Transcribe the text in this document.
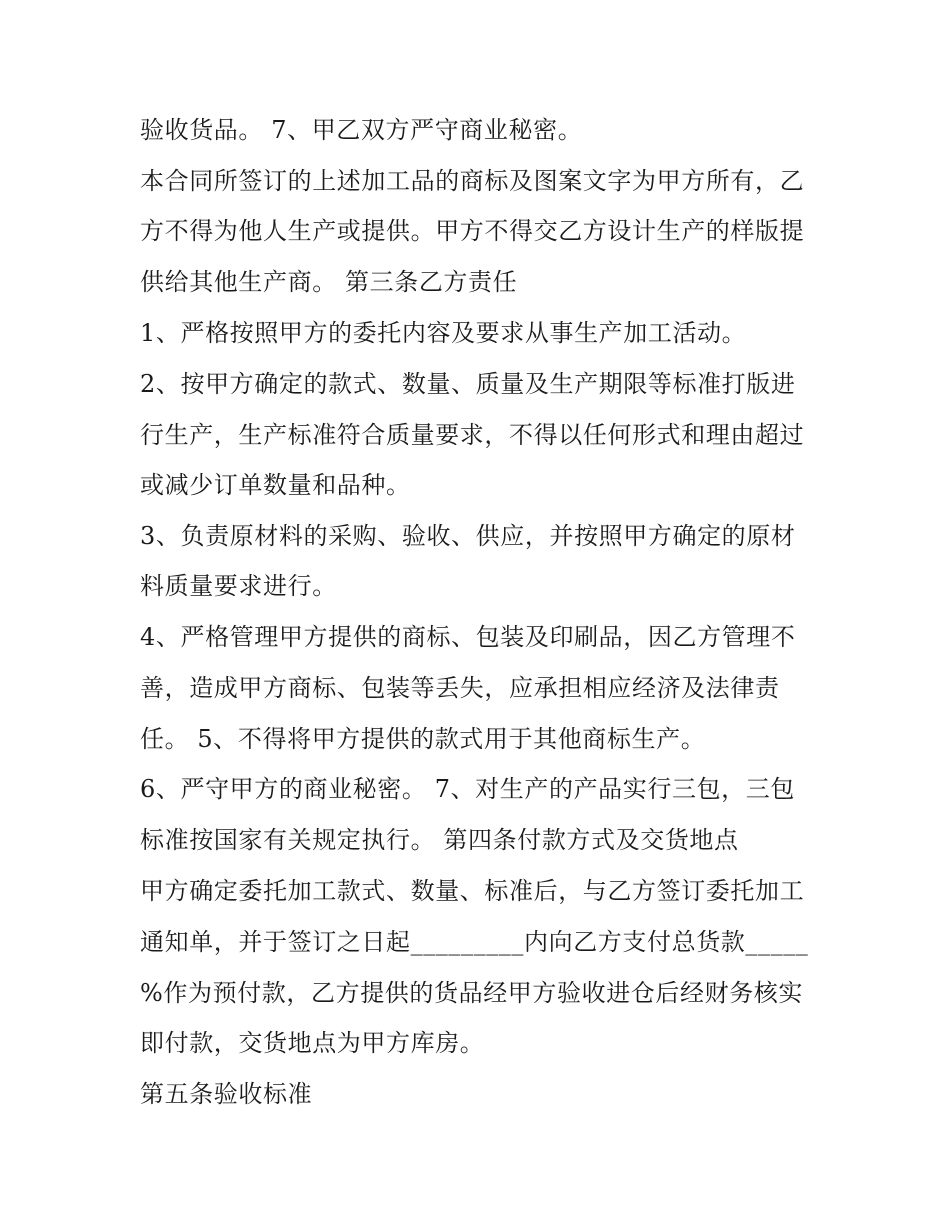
验收货品。 7、甲乙双方严守商业秘密。

本合同所签订的上述加工品的商标及图案文字为甲方所有，乙

方不得为他人生产或提供。甲方不得交乙方设计生产的样版提

供给其他生产商。 第三条乙方责任

1、严格按照甲方的委托内容及要求从事生产加工活动。

2、按甲方确定的款式、数量、质量及生产期限等标准打版进

行生产，生产标准符合质量要求，不得以任何形式和理由超过

或减少订单数量和品种。

3、负责原材料的采购、验收、供应，并按照甲方确定的原材

料质量要求进行。

4、严格管理甲方提供的商标、包装及印刷品，因乙方管理不

善，造成甲方商标、包装等丢失，应承担相应经济及法律责

任。 5、不得将甲方提供的款式用于其他商标生产。

6、严守甲方的商业秘密。 7、对生产的产品实行三包，三包

标准按国家有关规定执行。 第四条付款方式及交货地点

甲方确定委托加工款式、数量、标准后，与乙方签订委托加工

通知单，并于签订之日起_________内向乙方支付总货款_____

%作为预付款，乙方提供的货品经甲方验收进仓后经财务核实

即付款，交货地点为甲方库房。

第五条验收标准
